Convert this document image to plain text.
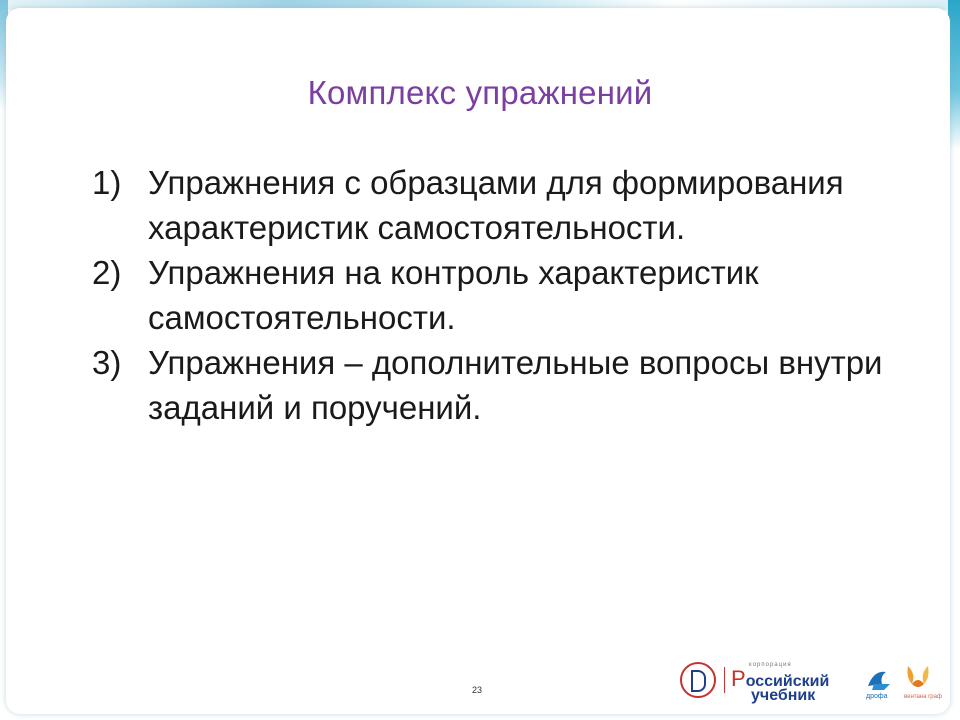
Комплекс упражнений
1) Упражнения с образцами для формирования характеристик самостоятельности.
2) Упражнения на контроль характеристик самостоятельности.
3) Упражнения – дополнительные вопросы внутри заданий и поручений.
23
корпорация
Российский
учебник	дрофа	вентана граф
